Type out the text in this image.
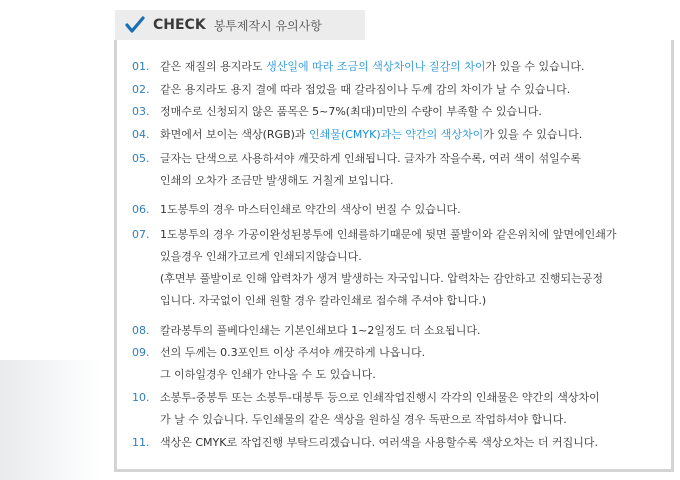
CHECK 봉투제작시 유의사항
01. 같은 재질의 용지라도 생산일에 따라 조금의 색상차이나 질감의 차이가 있을 수 있습니다.
02. 같은 용지라도 용지 결에 따라 접었을 때 갈라짐이나 두께 감의 차이가 날 수 있습니다.
03. 정매수로 신청되지 않은 품목은 5~7%(최대)미만의 수량이 부족할 수 있습니다.
04. 화면에서 보이는 색상(RGB)과 인쇄물(CMYK)과는 약간의 색상차이가 있을 수 있습니다.
05. 글자는 단색으로 사용하셔야 깨끗하게 인쇄됩니다. 글자가 작을수록, 여러 색이 섞일수록
인쇄의 오차가 조금만 발생해도 거칠게 보입니다.
06. 1도봉투의 경우 마스터인쇄로 약간의 색상이 번질 수 있습니다.
07. 1도봉투의 경우 가공이완성된봉투에 인쇄를하기때문에 뒷면 풀발이와 같은위치에 앞면에인쇄가
있을경우 인쇄가고르게 인쇄되지않습니다.
(후면부 풀발이로 인해 압력차가 생겨 발생하는 자국입니다. 압력차는 감안하고 진행되는공정
입니다. 자국없이 인쇄 원할 경우 칼라인쇄로 접수해 주셔야 합니다.)
08. 칼라봉투의 풀베다인쇄는 기본인쇄보다 1~2일정도 더 소요됩니다.
09. 선의 두께는 0.3포인트 이상 주셔야 깨끗하게 나옵니다.
그 이하일경우 인쇄가 안나올 수 도 있습니다.
10. 소봉투-중봉투 또는 소봉투-대봉투 등으로 인쇄작업진행시 각각의 인쇄물은 약간의 색상차이
가 날 수 있습니다. 두인쇄물의 같은 색상을 원하실 경우 독판으로 작업하셔야 합니다.
11. 색상은 CMYK로 작업진행 부탁드리겠습니다. 여러색을 사용할수록 색상오차는 더 커집니다.
